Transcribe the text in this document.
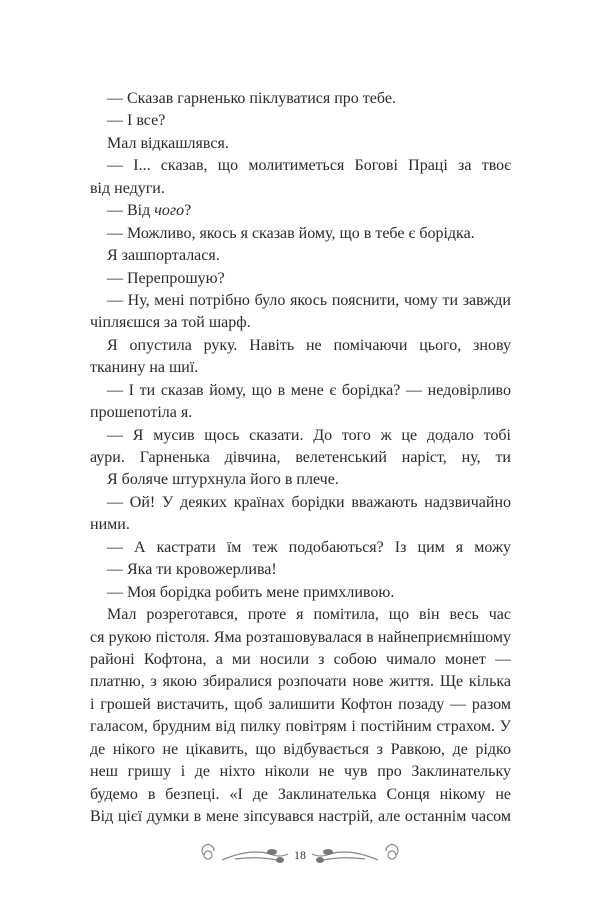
— Сказав гарненько піклуватися про тебе.
— І все?
Мал відкашлявся.
— І... сказав, що молитиметься Богові Праці за твоє
від недуги.
— Від чого?
— Можливо, якось я сказав йому, що в тебе є борідка.
Я зашпорталася.
— Перепрошую?
— Ну, мені потрібно було якось пояснити, чому ти завжди
чіпляєшся за той шарф.
Я опустила руку. Навіть не помічаючи цього, знову
тканину на шиї.
— І ти сказав йому, що в мене є борідка? — недовірливо
прошепотіла я.
— Я мусив щось сказати. До того ж це додало тобі
аури. Гарненька дівчина, велетенський наріст, ну, ти
Я боляче штурхнула його в плече.
— Ой! У деяких країнах борідки вважають надзвичайно
ними.
— А кастрати їм теж подобаються? Із цим я можу
— Яка ти кровожерлива!
— Моя борідка робить мене примхливою.
Мал розреготався, проте я помітила, що він весь час
ся рукою пістоля. Яма розташовувалася в найнеприємнішому
районі Кофтона, а ми носили з собою чимало монет —
платню, з якою збиралися розпочати нове життя. Ще кілька
і грошей вистачить, щоб залишити Кофтон позаду — разом
галасом, брудним від пилку повітрям і постійним страхом. У
де нікого не цікавить, що відбувається з Равкою, де рідко
неш гришу і де ніхто ніколи не чув про Заклинательку
будемо в безпеці. «І де Заклинателька Сонця нікому не
Від цієї думки в мене зіпсувався настрій, але останнім часом
18
